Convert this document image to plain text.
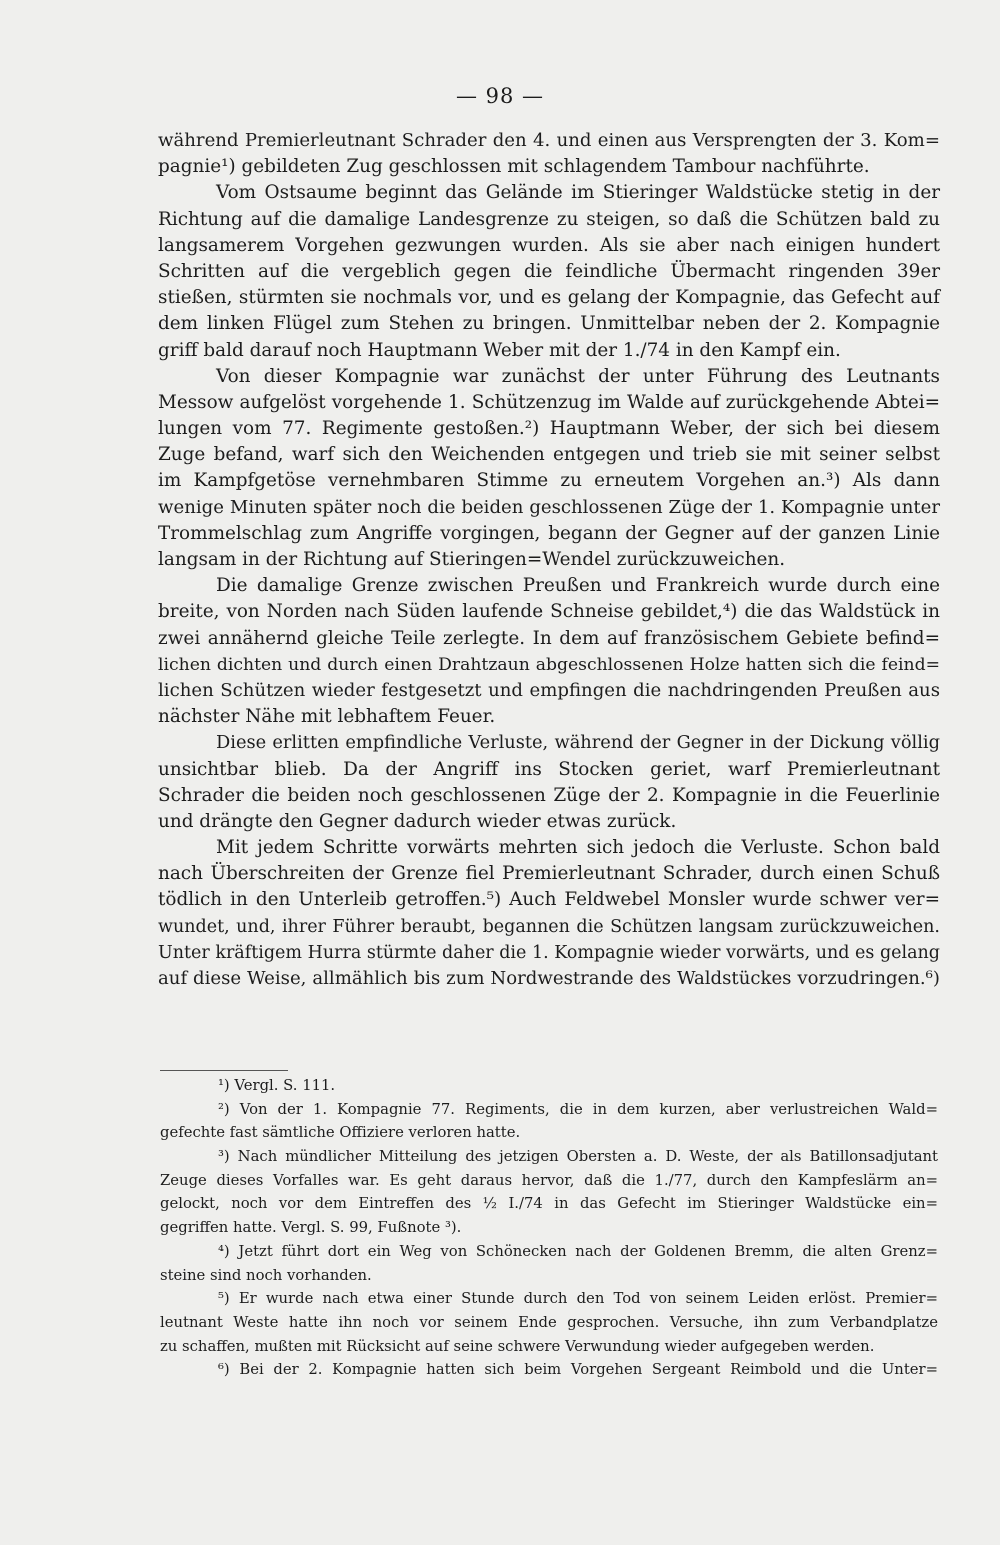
— 98 —
während Premierleutnant Schrader den 4. und einen aus Versprengten der 3. Kom=
pagnie¹) gebildeten Zug geschlossen mit schlagendem Tambour nachführte.
Vom Ostsaume beginnt das Gelände im Stieringer Waldstücke stetig in der
Richtung auf die damalige Landesgrenze zu steigen, so daß die Schützen bald zu
langsamerem Vorgehen gezwungen wurden. Als sie aber nach einigen hundert
Schritten auf die vergeblich gegen die feindliche Übermacht ringenden 39er
stießen, stürmten sie nochmals vor, und es gelang der Kompagnie, das Gefecht auf
dem linken Flügel zum Stehen zu bringen. Unmittelbar neben der 2. Kompagnie
griff bald darauf noch Hauptmann Weber mit der 1./74 in den Kampf ein.
Von dieser Kompagnie war zunächst der unter Führung des Leutnants
Messow aufgelöst vorgehende 1. Schützenzug im Walde auf zurückgehende Abtei=
lungen vom 77. Regimente gestoßen.²) Hauptmann Weber, der sich bei diesem
Zuge befand, warf sich den Weichenden entgegen und trieb sie mit seiner selbst
im Kampfgetöse vernehmbaren Stimme zu erneutem Vorgehen an.³) Als dann
wenige Minuten später noch die beiden geschlossenen Züge der 1. Kompagnie unter
Trommelschlag zum Angriffe vorgingen, begann der Gegner auf der ganzen Linie
langsam in der Richtung auf Stieringen=Wendel zurückzuweichen.
Die damalige Grenze zwischen Preußen und Frankreich wurde durch eine
breite, von Norden nach Süden laufende Schneise gebildet,⁴) die das Waldstück in
zwei annähernd gleiche Teile zerlegte. In dem auf französischem Gebiete befind=
lichen dichten und durch einen Drahtzaun abgeschlossenen Holze hatten sich die feind=
lichen Schützen wieder festgesetzt und empfingen die nachdringenden Preußen aus
nächster Nähe mit lebhaftem Feuer.
Diese erlitten empfindliche Verluste, während der Gegner in der Dickung völlig
unsichtbar blieb. Da der Angriff ins Stocken geriet, warf Premierleutnant
Schrader die beiden noch geschlossenen Züge der 2. Kompagnie in die Feuerlinie
und drängte den Gegner dadurch wieder etwas zurück.
Mit jedem Schritte vorwärts mehrten sich jedoch die Verluste. Schon bald
nach Überschreiten der Grenze fiel Premierleutnant Schrader, durch einen Schuß
tödlich in den Unterleib getroffen.⁵) Auch Feldwebel Monsler wurde schwer ver=
wundet, und, ihrer Führer beraubt, begannen die Schützen langsam zurückzuweichen.
Unter kräftigem Hurra stürmte daher die 1. Kompagnie wieder vorwärts, und es gelang
auf diese Weise, allmählich bis zum Nordwestrande des Waldstückes vorzudringen.⁶)
¹) Vergl. S. 111.
²) Von der 1. Kompagnie 77. Regiments, die in dem kurzen, aber verlustreichen Wald=
gefechte fast sämtliche Offiziere verloren hatte.
³) Nach mündlicher Mitteilung des jetzigen Obersten a. D. Weste, der als Batillonsadjutant
Zeuge dieses Vorfalles war. Es geht daraus hervor, daß die 1./77, durch den Kampfeslärm an=
gelockt, noch vor dem Eintreffen des ½ I./74 in das Gefecht im Stieringer Waldstücke ein=
gegriffen hatte. Vergl. S. 99, Fußnote ³).
⁴) Jetzt führt dort ein Weg von Schönecken nach der Goldenen Bremm, die alten Grenz=
steine sind noch vorhanden.
⁵) Er wurde nach etwa einer Stunde durch den Tod von seinem Leiden erlöst. Premier=
leutnant Weste hatte ihn noch vor seinem Ende gesprochen. Versuche, ihn zum Verbandplatze
zu schaffen, mußten mit Rücksicht auf seine schwere Verwundung wieder aufgegeben werden.
⁶) Bei der 2. Kompagnie hatten sich beim Vorgehen Sergeant Reimbold und die Unter=
